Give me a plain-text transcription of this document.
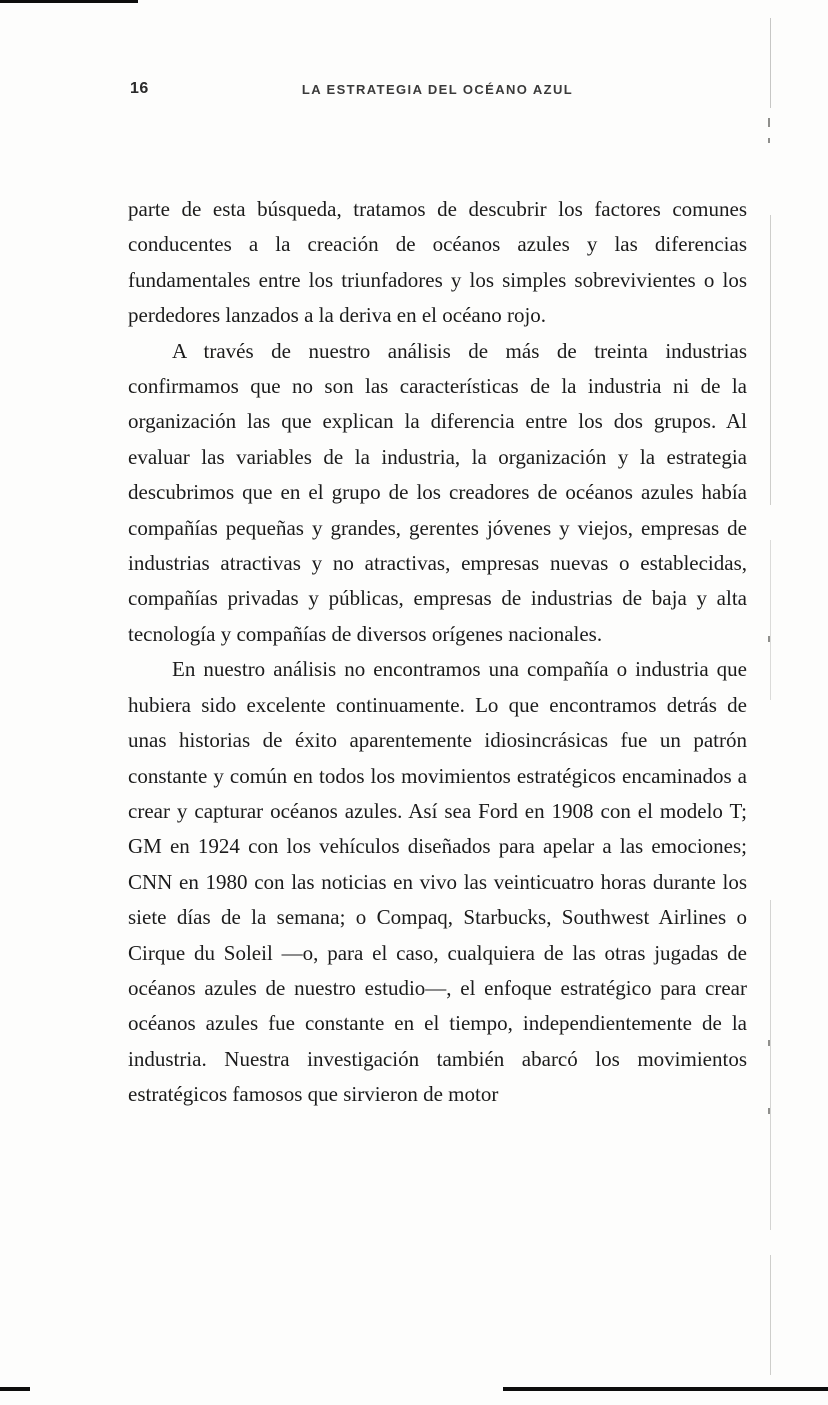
16	LA ESTRATEGIA DEL OCÉANO AZUL

parte de esta búsqueda, tratamos de descubrir los factores comunes conducentes a la creación de océanos azules y las diferencias fundamentales entre los triunfadores y los simples sobrevivientes o los perdedores lanzados a la deriva en el océano rojo.

A través de nuestro análisis de más de treinta industrias confirmamos que no son las características de la industria ni de la organización las que explican la diferencia entre los dos grupos. Al evaluar las variables de la industria, la organización y la estrategia descubrimos que en el grupo de los creadores de océanos azules había compañías pequeñas y grandes, gerentes jóvenes y viejos, empresas de industrias atractivas y no atractivas, empresas nuevas o establecidas, compañías privadas y públicas, empresas de industrias de baja y alta tecnología y compañías de diversos orígenes nacionales.

En nuestro análisis no encontramos una compañía o industria que hubiera sido excelente continuamente. Lo que encontramos detrás de unas historias de éxito aparentemente idiosincrásicas fue un patrón constante y común en todos los movimientos estratégicos encaminados a crear y capturar océanos azules. Así sea Ford en 1908 con el modelo T; GM en 1924 con los vehículos diseñados para apelar a las emociones; CNN en 1980 con las noticias en vivo las veinticuatro horas durante los siete días de la semana; o Compaq, Starbucks, Southwest Airlines o Cirque du Soleil —o, para el caso, cualquiera de las otras jugadas de océanos azules de nuestro estudio—, el enfoque estratégico para crear océanos azules fue constante en el tiempo, independientemente de la industria. Nuestra investigación también abarcó los movimientos estratégicos famosos que sirvieron de motor
